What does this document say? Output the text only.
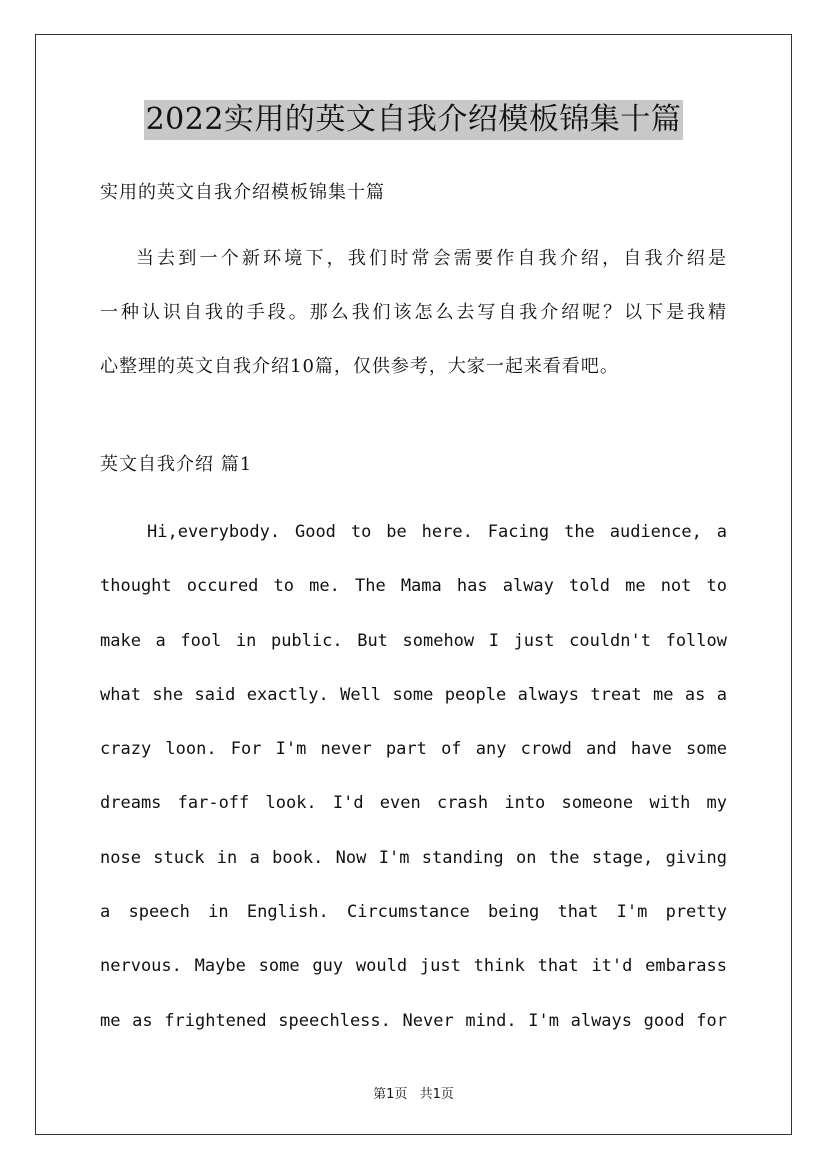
2022实用的英文自我介绍模板锦集十篇
实用的英文自我介绍模板锦集十篇
当去到一个新环境下，我们时常会需要作自我介绍，自我介绍是
一种认识自我的手段。那么我们该怎么去写自我介绍呢？以下是我精
心整理的英文自我介绍10篇，仅供参考，大家一起来看看吧。
英文自我介绍 篇1
Hi,everybody. Good to be here. Facing the audience, a
thought occured to me. The Mama has alway told me not to
make a fool in public. But somehow I just couldn't follow
what she said exactly. Well some people always treat me as a
crazy loon. For I'm never part of any crowd and have some
dreams far-off look. I'd even crash into someone with my
nose stuck in a book. Now I'm standing on the stage, giving
a speech in English. Circumstance being that I'm pretty
nervous. Maybe some guy would just think that it'd embarass
me as frightened speechless. Never mind. I'm always good for
第1页 共1页
